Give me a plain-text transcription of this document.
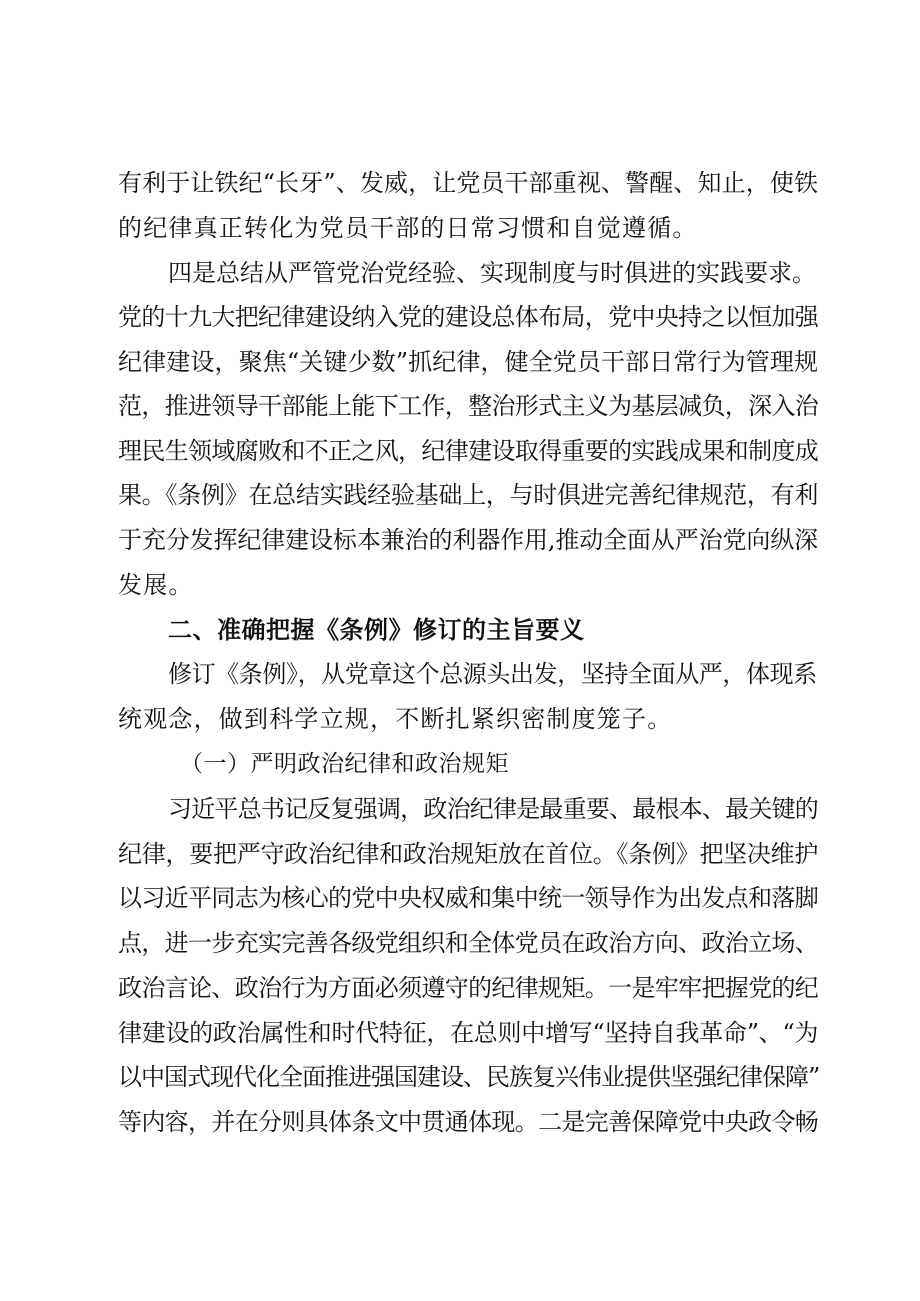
有利于让铁纪“长牙”、发威，让党员干部重视、警醒、知止，使铁
的纪律真正转化为党员干部的日常习惯和自觉遵循。
四是总结从严管党治党经验、实现制度与时俱进的实践要求。
党的十九大把纪律建设纳入党的建设总体布局，党中央持之以恒加强
纪律建设，聚焦“关键少数”抓纪律，健全党员干部日常行为管理规
范，推进领导干部能上能下工作，整治形式主义为基层减负，深入治
理民生领域腐败和不正之风，纪律建设取得重要的实践成果和制度成
果。《条例》在总结实践经验基础上，与时俱进完善纪律规范，有利
于充分发挥纪律建设标本兼治的利器作用,推动全面从严治党向纵深
发展。
二、准确把握《条例》修订的主旨要义
修订《条例》，从党章这个总源头出发，坚持全面从严，体现系
统观念，做到科学立规，不断扎紧织密制度笼子。
（一）严明政治纪律和政治规矩
习近平总书记反复强调，政治纪律是最重要、最根本、最关键的
纪律，要把严守政治纪律和政治规矩放在首位。《条例》把坚决维护
以习近平同志为核心的党中央权威和集中统一领导作为出发点和落脚
点，进一步充实完善各级党组织和全体党员在政治方向、政治立场、
政治言论、政治行为方面必须遵守的纪律规矩。一是牢牢把握党的纪
律建设的政治属性和时代特征，在总则中增写“坚持自我革命”、“为
以中国式现代化全面推进强国建设、民族复兴伟业提供坚强纪律保障”
等内容，并在分则具体条文中贯通体现。二是完善保障党中央政令畅
